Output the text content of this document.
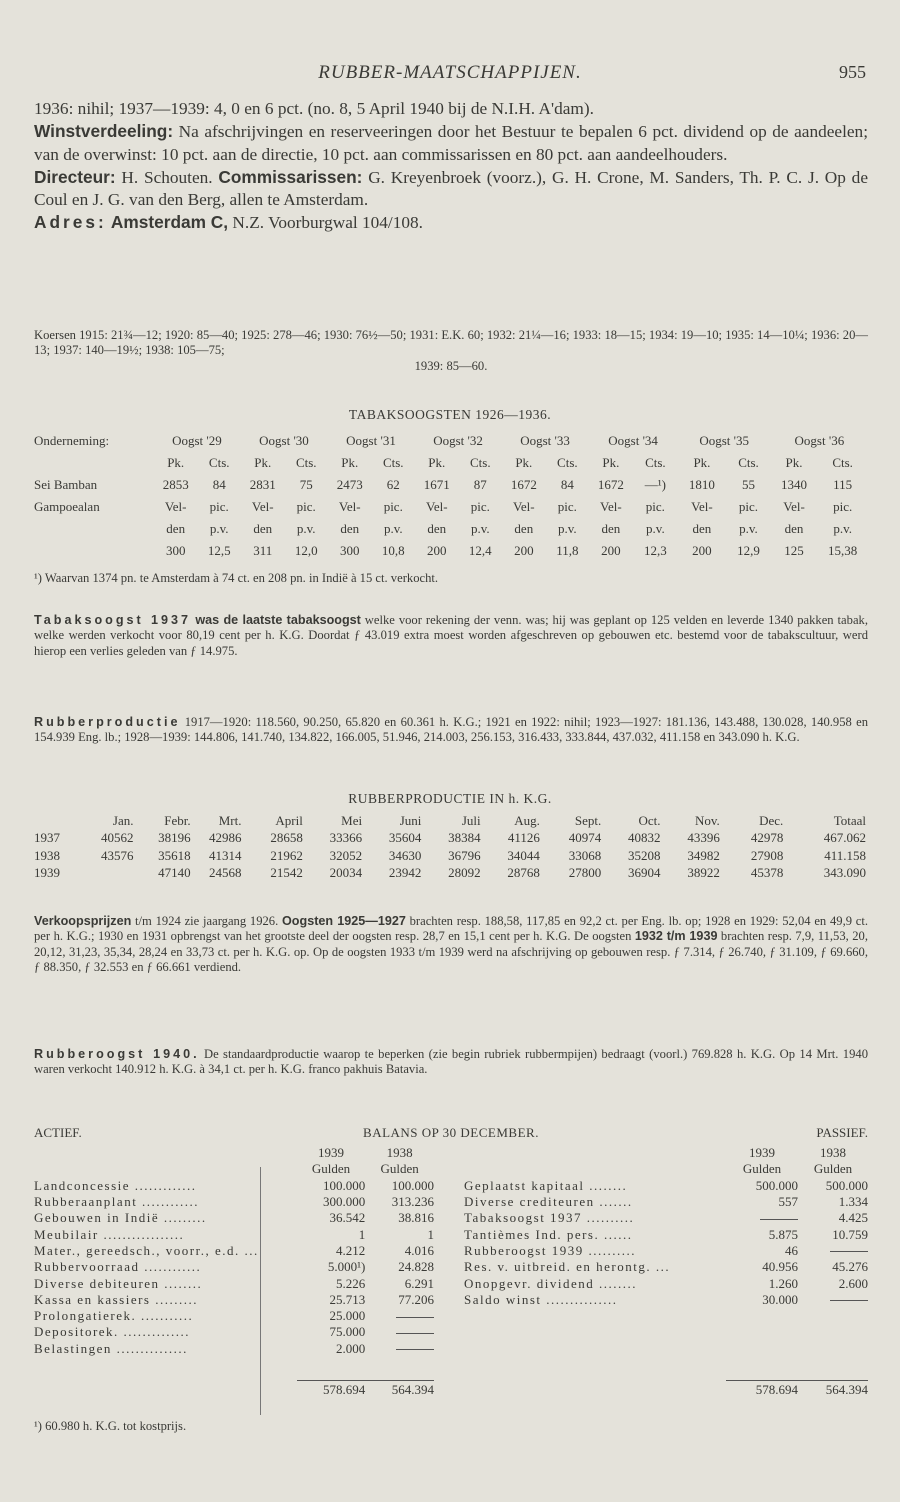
RUBBER-MAATSCHAPPIJEN.	955

1936: nihil; 1937—1939: 4, 0 en 6 pct. (no. 8, 5 April 1940 bij de N.I.H. A'dam).

Winstverdeeling: Na afschrijvingen en reserveeringen door het Bestuur te bepalen 6 pct. dividend op de aandeelen; van de overwinst: 10 pct. aan de directie, 10 pct. aan commissarissen en 80 pct. aan aandeelhouders.

Directeur: H. Schouten. Commissarissen: G. Kreyenbroek (voorz.), G. H. Crone, M. Sanders, Th. P. C. J. Op de Coul en J. G. van den Berg, allen te Amsterdam.

Adres: Amsterdam C, N.Z. Voorburgwal 104/108.

Koersen 1915: 21¾—12; 1920: 85—40; 1925: 278—46; 1930: 76½—50; 1931: E.K. 60; 1932: 21¼—16; 1933: 18—15; 1934: 19—10; 1935: 14—10¼; 1936: 20—13; 1937: 140—19½; 1938: 105—75;
1939: 85—60.
TABAKSOOGSTEN 1926—1936.
Onderneming:	Oogst '29		Oogst '30		Oogst '31		Oogst '32		Oogst '33		Oogst '34		Oogst '35		Oogst '36	
	Pk.	Cts.	Pk.	Cts.	Pk.	Cts.	Pk.	Cts.	Pk.	Cts.	Pk.	Cts.	Pk.	Cts.	Pk.	Cts.
Sei Bamban	2853	84	2831	75	2473	62	1671	87	1672	84	1672	—¹)	1810	55	1340	115
Gampoealan	Vel-	pic.	Vel-	pic.	Vel-	pic.	Vel-	pic.	Vel-	pic.	Vel-	pic.	Vel-	pic.	Vel-	pic.
	den	p.v.	den	p.v.	den	p.v.	den	p.v.	den	p.v.	den	p.v.	den	p.v.	den	p.v.
	300	12,5	311	12,0	300	10,8	200	12,4	200	11,8	200	12,3	200	12,9	125	15,38
¹) Waarvan 1374 pn. te Amsterdam à 74 ct. en 208 pn. in Indië à 15 ct. verkocht.

Tabaksoogst 1937 was de laatste tabaksoogst welke voor rekening der venn. was; hij was geplant op 125 velden en leverde 1340 pakken tabak, welke werden verkocht voor 80,19 cent per h. K.G. Doordat ƒ 43.019 extra moest worden afgeschreven op gebouwen etc. bestemd voor de tabakscultuur, werd hierop een verlies geleden van ƒ 14.975.

Rubberproductie 1917—1920: 118.560, 90.250, 65.820 en 60.361 h. K.G.; 1921 en 1922: nihil; 1923—1927: 181.136, 143.488, 130.028, 140.958 en 154.939 Eng. lb.; 1928—1939: 144.806, 141.740, 134.822, 166.005, 51.946, 214.003, 256.153, 316.433, 333.844, 437.032, 411.158 en 343.090 h. K.G.

RUBBERPRODUCTIE IN h. K.G.
	Jan.	Febr.	Mrt.	April	Mei	Juni	Juli	Aug.	Sept.	Oct.	Nov.	Dec.	Totaal
1937	40562	38196	42986	28658	33366	35604	38384	41126	40974	40832	43396	42978	467.062
1938	43576	35618	41314	21962	32052	34630	36796	34044	33068	35208	34982	27908	411.158
1939		47140	24568	21542	20034	23942	28092	28768	27800	36904	38922	45378	343.090

Verkoopsprijzen t/m 1924 zie jaargang 1926. Oogsten 1925—1927 brachten resp. 188,58, 117,85 en 92,2 ct. per Eng. lb. op; 1928 en 1929: 52,04 en 49,9 ct. per h. K.G.; 1930 en 1931 opbrengst van het grootste deel der oogsten resp. 28,7 en 15,1 cent per h. K.G. De oogsten 1932 t/m 1939 brachten resp. 7,9, 11,53, 20, 20,12, 31,23, 35,34, 28,24 en 33,73 ct. per h. K.G. op. Op de oogsten 1933 t/m 1939 werd na afschrijving op gebouwen resp. ƒ 7.314, ƒ 26.740, ƒ 31.109, ƒ 69.660, ƒ 88.350, ƒ 32.553 en ƒ 66.661 verdiend.

Rubberoogst 1940. De standaardproductie waarop te beperken (zie begin rubriek rubbermpijen) bedraagt (voorl.) 769.828 h. K.G. Op 14 Mrt. 1940 waren verkocht 140.912 h. K.G. à 34,1 ct. per h. K.G. franco pakhuis Batavia.

ACTIEF.	BALANS OP 30 DECEMBER.	PASSIEF.
	1939	1938
	Gulden	Gulden
Landconcessie .............	100.000	100.000
Rubberaanplant ............	300.000	313.236
Gebouwen in Indië .........	36.542	38.816
Meubilair .................	1	1
Mater., gereedsch., voorr., e.d. ...	4.212	4.016
Rubbervoorraad ............	5.000¹)	24.828
Diverse debiteuren ........	5.226	6.291
Kassa en kassiers .........	25.713	77.206
Prolongatierek. ...........	25.000	
Depositorek. ..............	75.000	
Belastingen ...............	2.000	

	578.694	564.394
	1939	1938
	Gulden	Gulden
Geplaatst kapitaal ........	500.000	500.000
Diverse crediteuren .......	557	1.334
Tabaksoogst 1937 ..........		4.425
Tantièmes Ind. pers. ......	5.875	10.759
Rubberoogst 1939 ..........	46	
Res. v. uitbreid. en herontg. ...	40.956	45.276
Onopgevr. dividend ........	1.260	2.600
Saldo winst ...............	30.000	

	578.694	564.394
¹) 60.980 h. K.G. tot kostprijs.
